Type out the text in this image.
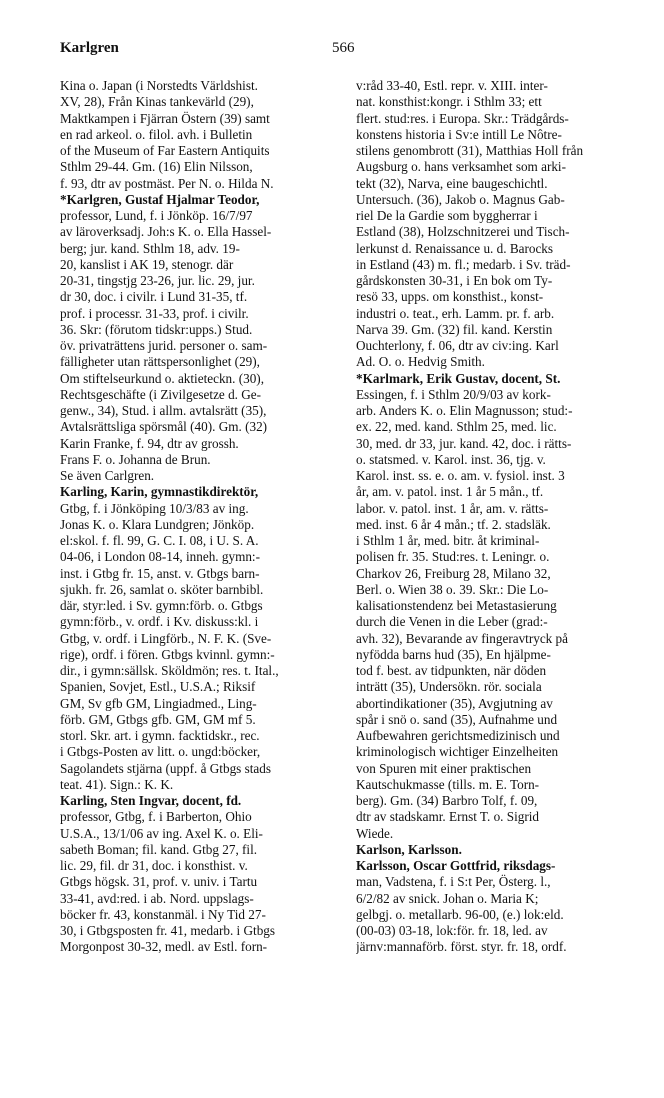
Karlgren	566
Kina o. Japan (i Norstedts Världshist.
XV, 28), Från Kinas tankevärld (29),
Maktkampen i Fjärran Östern (39) samt
en rad arkeol. o. filol. avh. i Bulletin
of the Museum of Far Eastern Antiquits
Sthlm 29-44. Gm. (16) Elin Nilsson,
f. 93, dtr av postmäst. Per N. o. Hilda N.
*Karlgren, Gustaf Hjalmar Teodor,
professor, Lund, f. i Jönköp. 16/7/97
av läroverksadj. Joh:s K. o. Ella Hassel-
berg; jur. kand. Sthlm 18, adv. 19-
20, kanslist i AK 19, stenogr. där
20-31, tingstjg 23-26, jur. lic. 29, jur.
dr 30, doc. i civilr. i Lund 31-35, tf.
prof. i processr. 31-33, prof. i civilr.
36. Skr: (förutom tidskr:upps.) Stud.
öv. privaträttens jurid. personer o. sam-
fälligheter utan rättspersonlighet (29),
Om stiftelseurkund o. aktieteckn. (30),
Rechtsgeschäfte (i Zivilgesetze d. Ge-
genw., 34), Stud. i allm. avtalsrätt (35),
Avtalsrättsliga spörsmål (40). Gm. (32)
Karin Franke, f. 94, dtr av grossh.
Frans F. o. Johanna de Brun.
Se även Carlgren.
Karling, Karin, gymnastikdirektör,
Gtbg, f. i Jönköping 10/3/83 av ing.
Jonas K. o. Klara Lundgren; Jönköp.
el:skol. f. fl. 99, G. C. I. 08, i U. S. A.
04-06, i London 08-14, inneh. gymn:-
inst. i Gtbg fr. 15, anst. v. Gtbgs barn-
sjukh. fr. 26, samlat o. sköter barnbibl.
där, styr:led. i Sv. gymn:förb. o. Gtbgs
gymn:förb., v. ordf. i Kv. diskuss:kl. i
Gtbg, v. ordf. i Lingförb., N. F. K. (Sve-
rige), ordf. i fören. Gtbgs kvinnl. gymn:-
dir., i gymn:sällsk. Sköldmön; res. t. Ital.,
Spanien, Sovjet, Estl., U.S.A.; Riksif
GM, Sv gfb GM, Lingiadmed., Ling-
förb. GM, Gtbgs gfb. GM, GM mf 5.
storl. Skr. art. i gymn. facktidskr., rec.
i Gtbgs-Posten av litt. o. ungd:böcker,
Sagolandets stjärna (uppf. å Gtbgs stads
teat. 41). Sign.: K. K.
Karling, Sten Ingvar, docent, fd.
professor, Gtbg, f. i Barberton, Ohio
U.S.A., 13/1/06 av ing. Axel K. o. Eli-
sabeth Boman; fil. kand. Gtbg 27, fil.
lic. 29, fil. dr 31, doc. i konsthist. v.
Gtbgs högsk. 31, prof. v. univ. i Tartu
33-41, avd:red. i ab. Nord. uppslags-
böcker fr. 43, konstanmäl. i Ny Tid 27-
30, i Gtbgsposten fr. 41, medarb. i Gtbgs
Morgonpost 30-32, medl. av Estl. forn-
v:råd 33-40, Estl. repr. v. XIII. inter-
nat. konsthist:kongr. i Sthlm 33; ett
flert. stud:res. i Europa. Skr.: Trädgårds-
konstens historia i Sv:e intill Le Nôtre-
stilens genombrott (31), Matthias Holl från
Augsburg o. hans verksamhet som arki-
tekt (32), Narva, eine baugeschichtl.
Untersuch. (36), Jakob o. Magnus Gab-
riel De la Gardie som byggherrar i
Estland (38), Holzschnitzerei und Tisch-
lerkunst d. Renaissance u. d. Barocks
in Estland (43) m. fl.; medarb. i Sv. träd-
gårdskonsten 30-31, i En bok om Ty-
resö 33, upps. om konsthist., konst-
industri o. teat., erh. Lamm. pr. f. arb.
Narva 39. Gm. (32) fil. kand. Kerstin
Ouchterlony, f. 06, dtr av civ:ing. Karl
Ad. O. o. Hedvig Smith.
*Karlmark, Erik Gustav, docent, St.
Essingen, f. i Sthlm 20/9/03 av kork-
arb. Anders K. o. Elin Magnusson; stud:-
ex. 22, med. kand. Sthlm 25, med. lic.
30, med. dr 33, jur. kand. 42, doc. i rätts-
o. statsmed. v. Karol. inst. 36, tjg. v.
Karol. inst. ss. e. o. am. v. fysiol. inst. 3
år, am. v. patol. inst. 1 år 5 mån., tf.
labor. v. patol. inst. 1 år, am. v. rätts-
med. inst. 6 år 4 mån.; tf. 2. stadsläk.
i Sthlm 1 år, med. bitr. åt kriminal-
polisen fr. 35. Stud:res. t. Leningr. o.
Charkov 26, Freiburg 28, Milano 32,
Berl. o. Wien 38 o. 39. Skr.: Die Lo-
kalisationstendenz bei Metastasierung
durch die Venen in die Leber (grad:-
avh. 32), Bevarande av fingeravtryck på
nyfödda barns hud (35), En hjälpme-
tod f. best. av tidpunkten, när döden
inträtt (35), Undersökn. rör. sociala
abortindikationer (35), Avgjutning av
spår i snö o. sand (35), Aufnahme und
Aufbewahren gerichtsmedizinisch und
kriminologisch wichtiger Einzelheiten
von Spuren mit einer praktischen
Kautschukmasse (tills. m. E. Torn-
berg). Gm. (34) Barbro Tolf, f. 09,
dtr av stadskamr. Ernst T. o. Sigrid
Wiede.
Karlson, Karlsson.
Karlsson, Oscar Gottfrid, riksdags-
man, Vadstena, f. i S:t Per, Österg. l.,
6/2/82 av snick. Johan o. Maria K;
gelbgj. o. metallarb. 96-00, (e.) lok:eld.
(00-03) 03-18, lok:för. fr. 18, led. av
järnv:mannaförb. först. styr. fr. 18, ordf.
